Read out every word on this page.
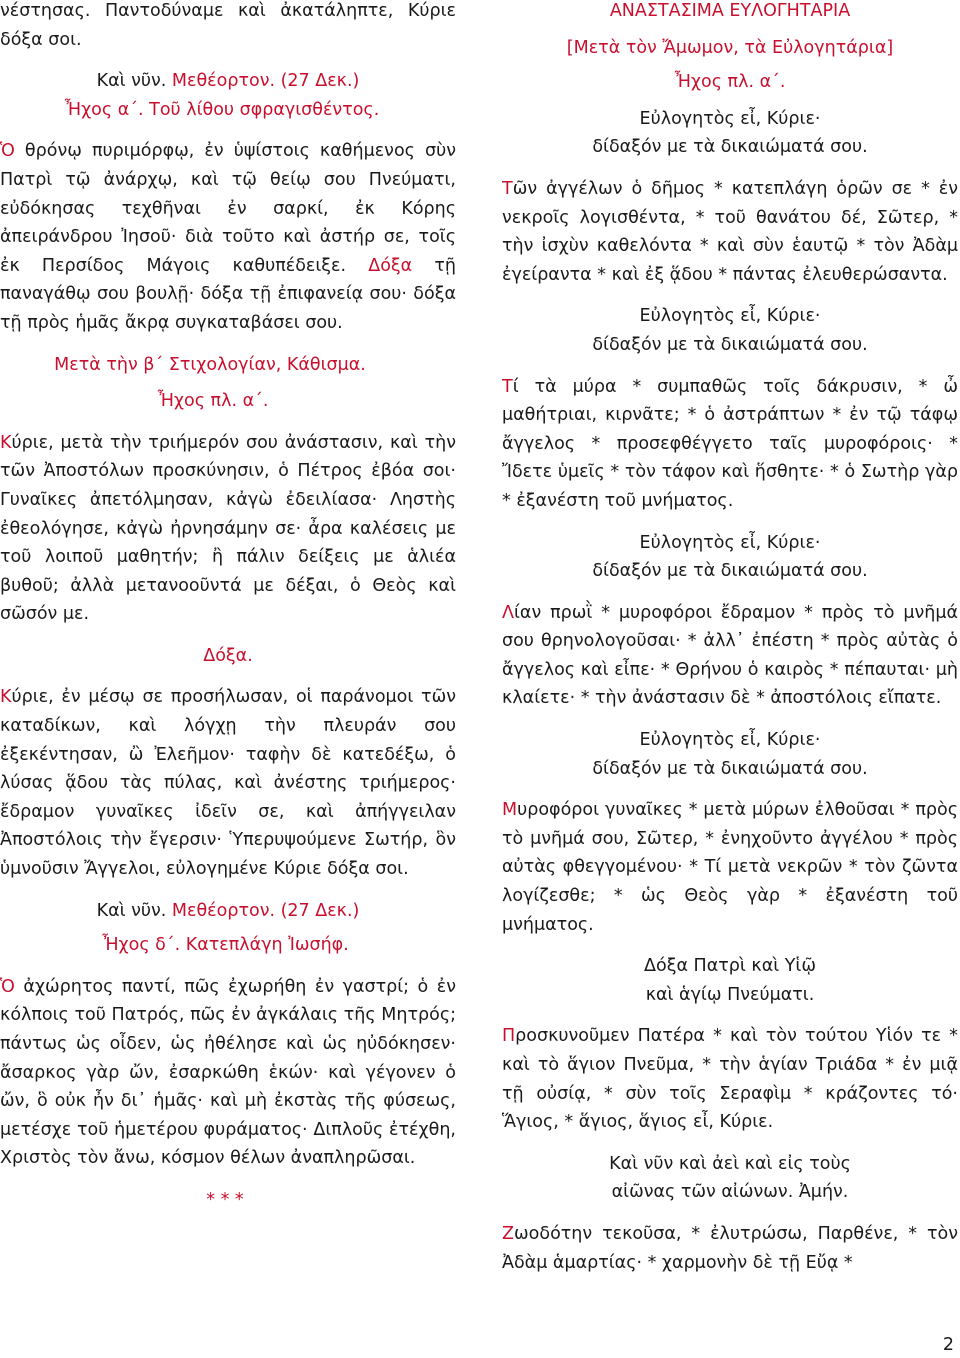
νέστησας. Παντοδύναμε καὶ ἀκατάληπτε, Κύριε δόξα σοι.

Καὶ νῦν. Μεθέορτον. (27 Δεκ.)

Ἦχος α΄. Τοῦ λίθου σφραγισθέντος.

Ὁ θρόνῳ πυριμόρφῳ, ἐν ὑψίστοις καθήμενος σὺν Πατρὶ τῷ ἀνάρχῳ, καὶ τῷ θείῳ σου Πνεύματι, εὐδόκησας τεχθῆναι ἐν σαρκί, ἐκ Κόρης ἀπειράνδρου Ἰησοῦ· διὰ τοῦτο καὶ ἀστήρ σε, τοῖς ἐκ Περσίδος Μάγοις καθυπέδειξε. Δόξα τῇ παναγάθῳ σου βουλῇ· δόξα τῇ ἐπιφανείᾳ σου· δόξα τῇ πρὸς ἡμᾶς ἄκρᾳ συγκαταβάσει σου.

Μετὰ τὴν β΄ Στιχολογίαν, Κάθισμα.

Ἦχος πλ. α΄.

Κύριε, μετὰ τὴν τριήμερόν σου ἀνάστασιν, καὶ τὴν τῶν Ἀποστόλων προσκύνησιν, ὁ Πέτρος ἐβόα σοι· Γυναῖκες ἀπετόλμησαν, κἀγὼ ἐδειλίασα· Ληστὴς ἐθεολόγησε, κἀγὼ ἠρνησάμην σε· ἆρα καλέσεις με τοῦ λοιποῦ μαθητήν; ἢ πάλιν δείξεις με ἁλιέα βυθοῦ; ἀλλὰ μετανοοῦντά με δέξαι, ὁ Θεὸς καὶ σῶσόν με.

Δόξα.

Κύριε, ἐν μέσῳ σε προσήλωσαν, οἱ παράνομοι τῶν καταδίκων, καὶ λόγχῃ τὴν πλευράν σου ἐξεκέντησαν, ὢ Ἐλεῆμον· ταφὴν δὲ κατεδέξω, ὁ λύσας ᾅδου τὰς πύλας, καὶ ἀνέστης τριήμερος· ἔδραμον γυναῖκες ἰδεῖν σε, καὶ ἀπήγγειλαν Ἀποστόλοις τὴν ἔγερσιν· Ὑπερυψούμενε Σωτήρ, ὃν ὑμνοῦσιν Ἄγγελοι, εὐλογημένε Κύριε δόξα σοι.

Καὶ νῦν. Μεθέορτον. (27 Δεκ.)

Ἦχος δ΄. Κατεπλάγη Ἰωσήφ.

Ὁ ἀχώρητος παντί, πῶς ἐχωρήθη ἐν γαστρί; ὁ ἐν κόλποις τοῦ Πατρός, πῶς ἐν ἀγκάλαις τῆς Μητρός; πάντως ὡς οἶδεν, ὡς ἠθέλησε καὶ ὡς ηὐδόκησεν· ἄσαρκος γὰρ ὤν, ἐσαρκώθη ἑκών· καὶ γέγονεν ὁ ὤν, ὃ οὐκ ἦν δι᾽ ἡμᾶς· καὶ μὴ ἐκστὰς τῆς φύσεως, μετέσχε τοῦ ἡμετέρου φυράματος· Διπλοῦς ἐτέχθη, Χριστὸς τὸν ἄνω, κόσμον θέλων ἀναπληρῶσαι.

* * *

ΑΝΑΣΤΑΣΙΜΑ ΕΥΛΟΓΗΤΑΡΙΑ

[Μετὰ τὸν Ἄμωμον, τὰ Εὐλογητάρια]

Ἦχος πλ. α΄.

Εὐλογητὸς εἶ, Κύριε·

δίδαξόν με τὰ δικαιώματά σου.

Τῶν ἀγγέλων ὁ δῆμος * κατεπλάγη ὁρῶν σε * ἐν νεκροῖς λογισθέντα, * τοῦ θανάτου δέ, Σῶτερ, * τὴν ἰσχὺν καθελόντα * καὶ σὺν ἑαυτῷ * τὸν Ἀδὰμ ἐγείραντα * καὶ ἐξ ᾅδου * πάντας ἐλευθερώσαντα.

Εὐλογητὸς εἶ, Κύριε·

δίδαξόν με τὰ δικαιώματά σου.

Τί τὰ μύρα * συμπαθῶς τοῖς δάκρυσιν, * ὦ μαθήτριαι, κιρνᾶτε; * ὁ ἀστράπτων * ἐν τῷ τάφῳ ἄγγελος * προσεφθέγγετο ταῖς μυροφόροις· * Ἴδετε ὑμεῖς * τὸν τάφον καὶ ἥσθητε· * ὁ Σωτὴρ γὰρ * ἐξανέστη τοῦ μνήματος.

Εὐλογητὸς εἶ, Κύριε·

δίδαξόν με τὰ δικαιώματά σου.

Λίαν πρωῒ * μυροφόροι ἔδραμον * πρὸς τὸ μνῆμά σου θρηνολογοῦσαι· * ἀλλ᾽ ἐπέστη * πρὸς αὐτὰς ὁ ἄγγελος καὶ εἶπε· * Θρήνου ὁ καιρὸς * πέπαυται· μὴ κλαίετε· * τὴν ἀνάστασιν δὲ * ἀποστόλοις εἴπατε.

Εὐλογητὸς εἶ, Κύριε·

δίδαξόν με τὰ δικαιώματά σου.

Μυροφόροι γυναῖκες * μετὰ μύρων ἐλθοῦσαι * πρὸς τὸ μνῆμά σου, Σῶτερ, * ἐνηχοῦντο ἀγγέλου * πρὸς αὐτὰς φθεγγομένου· * Τί μετὰ νεκρῶν * τὸν ζῶντα λογίζεσθε; * ὡς Θεὸς γὰρ * ἐξανέστη τοῦ μνήματος.

Δόξα Πατρὶ καὶ Υἱῷ

καὶ ἁγίῳ Πνεύματι.

Προσκυνοῦμεν Πατέρα * καὶ τὸν τούτου Υἱόν τε * καὶ τὸ ἅγιον Πνεῦμα, * τὴν ἁγίαν Τριάδα * ἐν μιᾷ τῇ οὐσίᾳ, * σὺν τοῖς Σεραφὶμ * κράζοντες τό· Ἅγιος, * ἅγιος, ἅγιος εἶ, Κύριε.

Καὶ νῦν καὶ ἀεὶ καὶ εἰς τοὺς

αἰῶνας τῶν αἰώνων. Ἀμήν.

Ζωοδότην τεκοῦσα, * ἐλυτρώσω, Παρθένε, * τὸν Ἀδὰμ ἁμαρτίας· * χαρμονὴν δὲ τῇ Εὔᾳ *

2
